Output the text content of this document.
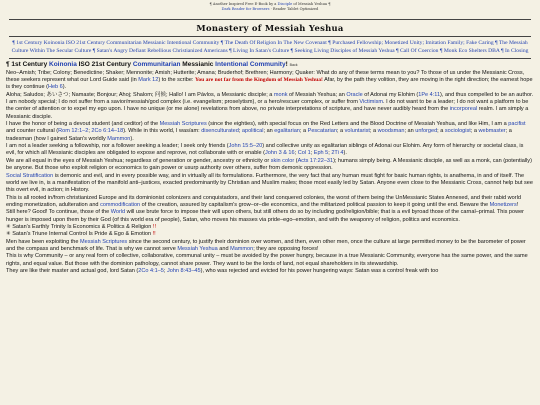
¶ Another Inspired Free E-Book by a Disciple of Messiah Yeshua ¶
Dark Reader for Browsers · Reader Tablet Optimized
Monastery of Messiah Yeshua
¶ 1st Century Koinonia ISO 21st Century Communitarian Messianic Intentional Community ¶ The Death Of Religion In The New Covenant ¶ Purchased Fellowship; Monetized Unity; Imitation Family; Fake Caring ¶ The Messiah Culture Within The Secular Culture ¶ Satan's Angry Defiant Rebellious Christianized Americans ¶ Living In Satan's Culture ¶ Seeking Living Disciples of Messiah Yeshua ¶ Call Of Coercion ¶ Monk Eco Shelters DBA ¶ In Closing

¶ 1st Century Koinonia ISO 21st Century Communitarian Messianic Intentional Community! Back

Neo–Amish; Tribe; Colony; Benedictine; Shaker; Mennonite; Amish; Hutterite; Amana; Bruderhof; Brethren; Harmony; Quaker: What do any of these terms mean to you? To those of us under the Messianic Cross, these seekers represent what our Lord Guide said (in Mark 12) to the scribe: You are not far from the Kingdom of Messiah Yeshua! Afar, by the path they volition, they are moving in the right direction; the earnest hope is they continue (Heb 6).

Aloha; Saludos; あいさつ; Namaste; Bonjour; Ahoj; Shalom; 问候; Hallo! I am Pávlos, a Messianic disciple; a monk of Messiah Yeshua; an Oracle of Adonai my Elohim (1Pe 4:11), and thus compelled to be an author.

I am nobody special; I do not suffer from a savior/messiah/god complex (i.e. evangelism; proselytism), or a hero/rescuer complex, or suffer from Victimism. I do not want to be a leader; I do not want a platform to be the center of attention or to expel my ego upon. I have no unique (or me alone) revelations from above, no private interpretations of scripture, and have never audibly heard from the incorporeal realm. I am simply a Messianic disciple.

I have the honor of being a devout student (and ceditor) of the Messiah Scriptures (since the eighties), with special focus on the Red Letters and the Blood Doctrine of Messiah Yeshua, and like Him, I am a pacifist and counter cultural (Rom 12:1–2; 2Co 6:14–18). While in this world, I was/am: disenculturated; apolitical; an egalitarian; a Pescatarian; a voluntarist; a woodsman; an unforged; a sociologist; a webmaster; a tradesman (how I gained Satan's worldly Mammon).

I am not a leader seeking a followship, nor a follower seeking a leader; I seek only friends (John 15:5–20) and collective unity as egalitarian siblings of Adonai our Elohim. Any form of hierarchy or societal class, is evil, for which all Messianic disciples are obligated to expose and reprove, not collaborate with or enable (John 3 & 16; Col 1; Eph 5; 2Ti 4).

We are all equal in the eyes of Messiah Yeshua; regardless of generation or gender, ancestry or ethnicity or skin color (Acts 17:22–31); humans simply being. A Messianic disciple, as well as a monk, can (potentially) be anyone. But those who exploit religion or economics to gain power or usurp authority over others, suffer from demonic oppression.

Social Stratification is demonic and evil, and in every possible way, and in virtually all its formulations. Furthermore, the very fact that any human must fight for basic human rights, is anathema, in and of itself. The world we live in, is a manifestation of the manifold anti–justices, exacted predominantly by Christian and Muslim males; those most easily led by Satan. Anyone even close to the Messianic Cross, cannot help but see this overt evil, in action; in History.

This is all rooted in/from christianized Europe and its dominionist colonizers and conquistadors, and their land conquered colonies, the worst of them being the UnMessianic States Annexed, and their rabid world ending monetization, adulteration and commodification of the creation, assured by capitalism's grow–or–die economics, and the militarized political passion to keep it going until the end. Beware the Monetizers!

Still here? Good! To continue, those of the World will use brute force to impose their will upon others, but still others do so by including god/religion/bible; that is a evil byroad those of the carnal–primal. This power hunger is imposed upon them by their God (of this world era of people), Satan, who moves his masses via pride–ego–emotion, and with the weaponry of religion, politics and economics.

✳ Satan's Earthly Trinity Is Economics & Politics & Religion !!

✳ Satan's Triune Internal Control Is Pride & Ego & Emotion !!

Men have been exploiting the Messiah Scriptures since the second century, to justify their dominion over women, and then, even other men, once the culture at large permitted money to be the barometer of power and the compass and benchmark of life. That is why we cannot serve Messiah Yeshua and Mammon; they are opposing forces!

This is why Community – or any real form of collective, collaborative, communal unity – must be avoided by the power hungry, because in a true Messianic Community, everyone has the same power, and the same rights, and equal value. But those with the dominion pathology, cannot share power. They want to be the lords of land, not equal shareholders in its stewardship.

They are like their master and actual god, lord Satan (2Co 4:1–5; John 8:43–45), who was rejected and evicted for his power hungering ways: Satan was a control freak with too
